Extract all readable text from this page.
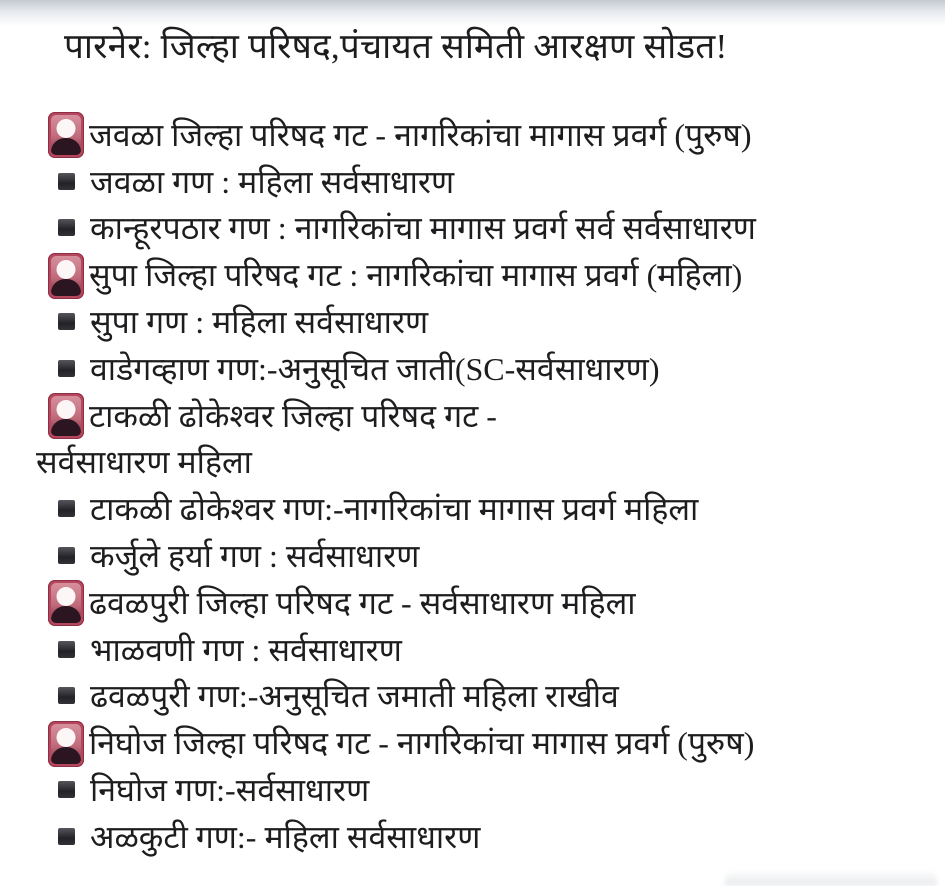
पारनेर: जिल्हा परिषद,पंचायत समिती आरक्षण सोडत!
जवळा जिल्हा परिषद गट - नागरिकांचा मागास प्रवर्ग (पुरुष)
जवळा गण : महिला सर्वसाधारण
कान्हूरपठार गण : नागरिकांचा मागास प्रवर्ग सर्व सर्वसाधारण
सुपा जिल्हा परिषद गट : नागरिकांचा मागास प्रवर्ग (महिला)
सुपा गण : महिला सर्वसाधारण
वाडेगव्हाण गण:-अनुसूचित जाती(SC-सर्वसाधारण)
टाकळी ढोकेश्वर जिल्हा परिषद गट -
सर्वसाधारण महिला
टाकळी ढोकेश्वर गण:-नागरिकांचा मागास प्रवर्ग महिला
कर्जुले हर्या गण : सर्वसाधारण
ढवळपुरी जिल्हा परिषद गट - सर्वसाधारण महिला
भाळवणी गण : सर्वसाधारण
ढवळपुरी गण:-अनुसूचित जमाती महिला राखीव
निघोज जिल्हा परिषद गट - नागरिकांचा मागास प्रवर्ग (पुरुष)
निघोज गण:-सर्वसाधारण
अळकुटी गण:- महिला सर्वसाधारण
